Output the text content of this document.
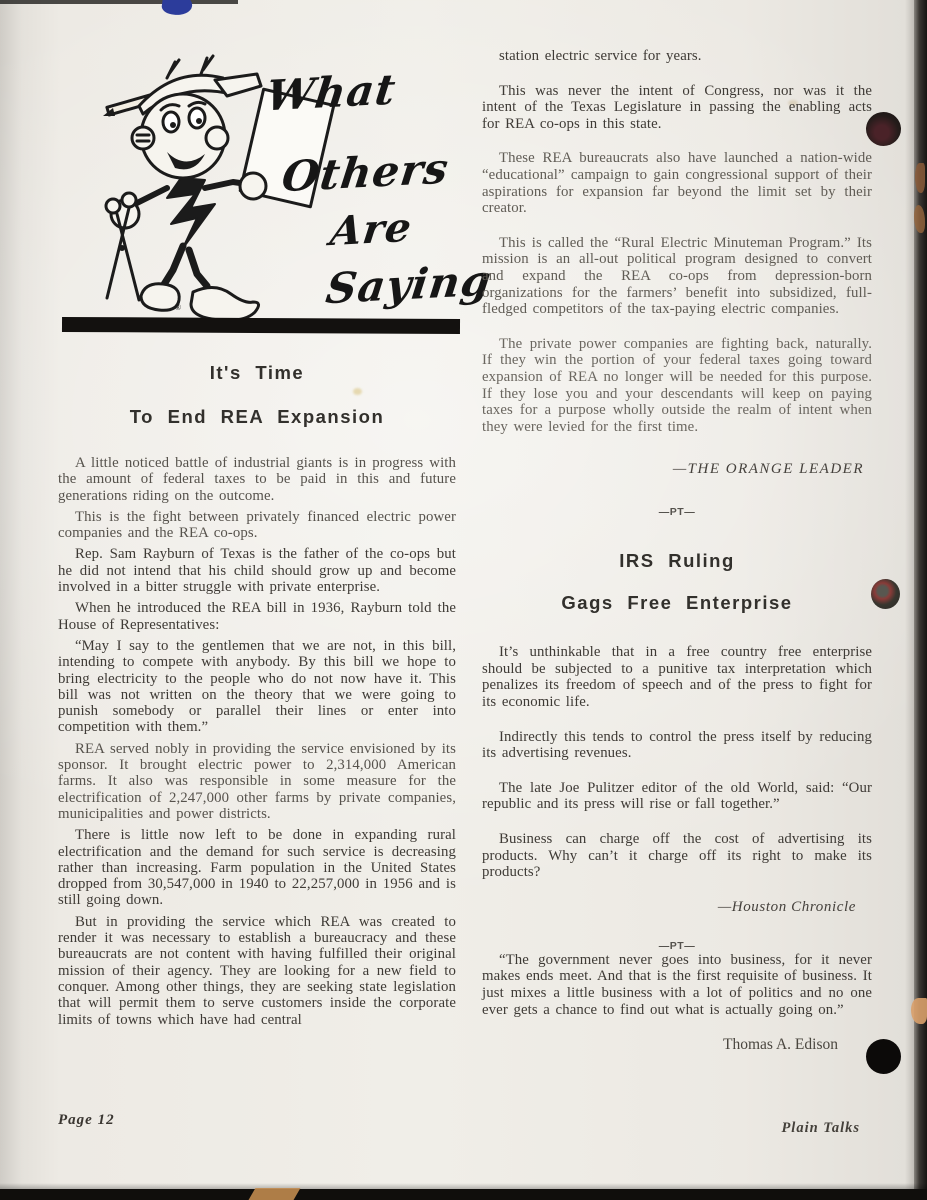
®
What
Others
Are
Saying
It's Time
To End REA Expansion

A little noticed battle of industrial giants is in progress with the amount of federal taxes to be paid in this and future generations riding on the outcome.

This is the fight between privately financed electric power companies and the REA co-ops.

Rep. Sam Rayburn of Texas is the father of the co-ops but he did not intend that his child should grow up and become involved in a bitter struggle with private enterprise.

When he introduced the REA bill in 1936, Rayburn told the House of Representatives:

“May I say to the gentlemen that we are not, in this bill, intending to compete with anybody. By this bill we hope to bring electricity to the people who do not now have it. This bill was not written on the theory that we were going to punish somebody or parallel their lines or enter into competition with them.”

REA served nobly in providing the service envisioned by its sponsor. It brought electric power to 2,314,000 American farms. It also was responsible in some measure for the electrification of 2,247,000 other farms by private companies, municipalities and power districts.

There is little now left to be done in expanding rural electrification and the demand for such service is decreasing rather than increasing. Farm population in the United States dropped from 30,547,000 in 1940 to 22,257,000 in 1956 and is still going down.

But in providing the service which REA was created to render it was necessary to establish a bureaucracy and these bureaucrats are not content with having fulfilled their original mission of their agency. They are looking for a new field to conquer. Among other things, they are seeking state legislation that will permit them to serve customers inside the corporate limits of towns which have had central

station electric service for years.

This was never the intent of Congress, nor was it the intent of the Texas Legislature in passing the enabling acts for REA co-ops in this state.

These REA bureaucrats also have launched a nation-wide “educational” campaign to gain congressional support of their aspirations for expansion far beyond the limit set by their creator.

This is called the “Rural Electric Minuteman Program.” Its mission is an all-out political program designed to convert and expand the REA co-ops from depression-born organizations for the farmers’ benefit into subsidized, full-fledged competitors of the tax-paying electric companies.

The private power companies are fighting back, naturally. If they win the portion of your federal taxes going toward expansion of REA no longer will be needed for this purpose. If they lose you and your descendants will keep on paying taxes for a purpose wholly outside the realm of intent when they were levied for the first time.

—THE ORANGE LEADER
—PT—
IRS Ruling
Gags Free Enterprise

It’s unthinkable that in a free country free enterprise should be subjected to a punitive tax interpretation which penalizes its freedom of speech and of the press to fight for its economic life.

Indirectly this tends to control the press itself by reducing its advertising revenues.

The late Joe Pulitzer editor of the old World, said: “Our republic and its press will rise or fall together.”

Business can charge off the cost of advertising its products. Why can’t it charge off its right to make its products?

—Houston Chronicle
—PT—

“The government never goes into business, for it never makes ends meet. And that is the first requisite of business. It just mixes a little business with a lot of politics and no one ever gets a chance to find out what is actually going on.”

Thomas A. Edison
Page 12	Plain Talks
